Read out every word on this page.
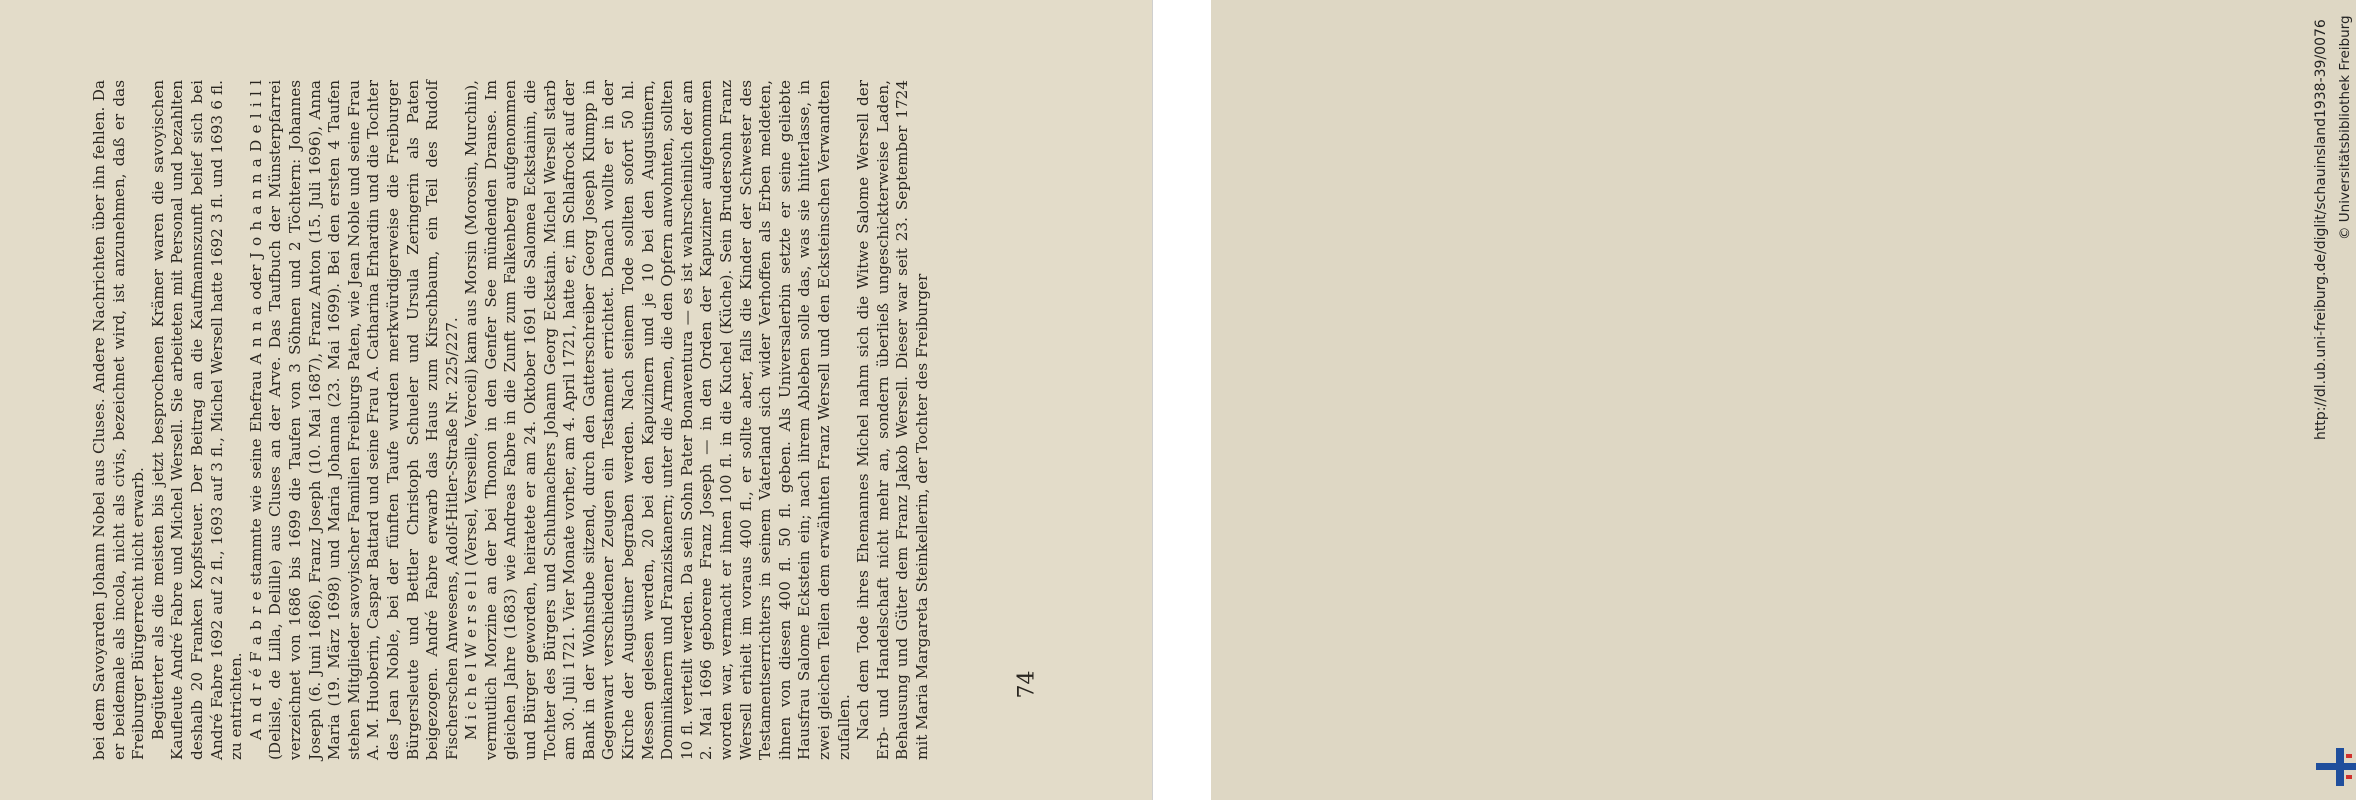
bei dem Savoyarden Johann Nobel aus Cluses. Andere Nachrichten über ihn fehlen. Da er beidemale als incola, nicht als civis, bezeichnet wird, ist anzunehmen, daß er das Freiburger Bürgerrecht nicht erwarb. Begüterter als die meisten bis jetzt besprochenen Krämer waren die savoyischen Kaufleute André Fabre und Michel Wersell. Sie arbeiteten mit Personal und bezahlten deshalb 20 Franken Kopfsteuer. Der Beitrag an die Kaufmannszunft belief sich bei André Fabre 1692 auf 2 fl., 1693 auf 3 fl., Michel Wersell hatte 1692 3 fl. und 1693 6 fl. zu entrichten. A n d r é F a b r e stammte wie seine Ehefrau A n n a oder J o h a n n a D e l i l l (Delisle, de Lilla, Delille) aus Cluses an der Arve. Das Taufbuch der Münsterpfarrei verzeichnet von 1686 bis 1699 die Taufen von 3 Söhnen und 2 Töchtern: Johannes Joseph (6. Juni 1686), Franz Joseph (10. Mai 1687), Franz Anton (15. Juli 1696), Anna Maria (19. März 1698) und Maria Johanna (23. Mai 1699). Bei den ersten 4 Taufen stehen Mitglieder savoyischer Familien Freiburgs Paten, wie Jean Noble und seine Frau A. M. Huoberin, Caspar Battard und seine Frau A. Catharina Erhardin und die Tochter des Jean Noble, bei der fünften Taufe wurden merkwürdigerweise die Freiburger Bürgersleute und Bettler Christoph Schueler und Ursula Zeringerin als Paten beigezogen. André Fabre erwarb das Haus zum Kirschbaum, ein Teil des Rudolf Fischerschen Anwesens, Adolf-Hitler-Straße Nr. 225/227. M i c h e l W e r s e l l (Versel, Verseille, Verceil) kam aus Morsin (Morosin, Murchin), vermutlich Morzine an der bei Thonon in den Genfer See mündenden Dranse. Im gleichen Jahre (1683) wie Andreas Fabre in die Zunft zum Falkenberg aufgenommen und Bürger geworden, heiratete er am 24. Oktober 1691 die Salomea Eckstainin, die Tochter des Bürgers und Schuhmachers Johann Georg Eckstain. Michel Wersell starb am 30. Juli 1721. Vier Monate vorher, am 4. April 1721, hatte er, im Schlafrock auf der Bank in der Wohnstube sitzend, durch den Gatterschreiber Georg Joseph Klumpp in Gegenwart verschiedener Zeugen ein Testament errichtet. Danach wollte er in der Kirche der Augustiner begraben werden. Nach seinem Tode sollten sofort 50 hl. Messen gelesen werden, 20 bei den Kapuzinern und je 10 bei den Augustinern, Dominikanern und Franziskanern; unter die Armen, die den Opfern anwohnten, sollten 10 fl. verteilt werden. Da sein Sohn Pater Bonaventura — es ist wahrscheinlich der am 2. Mai 1696 geborene Franz Joseph — in den Orden der Kapuziner aufgenommen worden war, vermacht er ihnen 100 fl. in die Kuchel (Küche). Sein Brudersohn Franz Wersell erhielt im voraus 400 fl., er sollte aber, falls die Kinder der Schwester des Testamentserrichters in seinem Vaterland sich wider Verhoffen als Erben meldeten, ihnen von diesen 400 fl. 50 fl. geben. Als Universalerbin setzte er seine geliebte Hausfrau Salome Eckstein ein; nach ihrem Ableben solle das, was sie hinterlasse, in zwei gleichen Teilen dem erwähnten Franz Wersell und den Ecksteinschen Verwandten zufallen. Nach dem Tode ihres Ehemannes Michel nahm sich die Witwe Salome Wersell der Erb- und Handelschaft nicht mehr an, sondern überließ ungeschickterweise Laden, Behausung und Güter dem Franz Jakob Wersell. Dieser war seit 23. September 1724 mit Maria Margareta Steinkellerin, der Tochter des Freiburger	74
http://dl.ub.uni-freiburg.de/diglit/schauinsland1938-39/0076 © Universitätsbibliothek Freiburg
